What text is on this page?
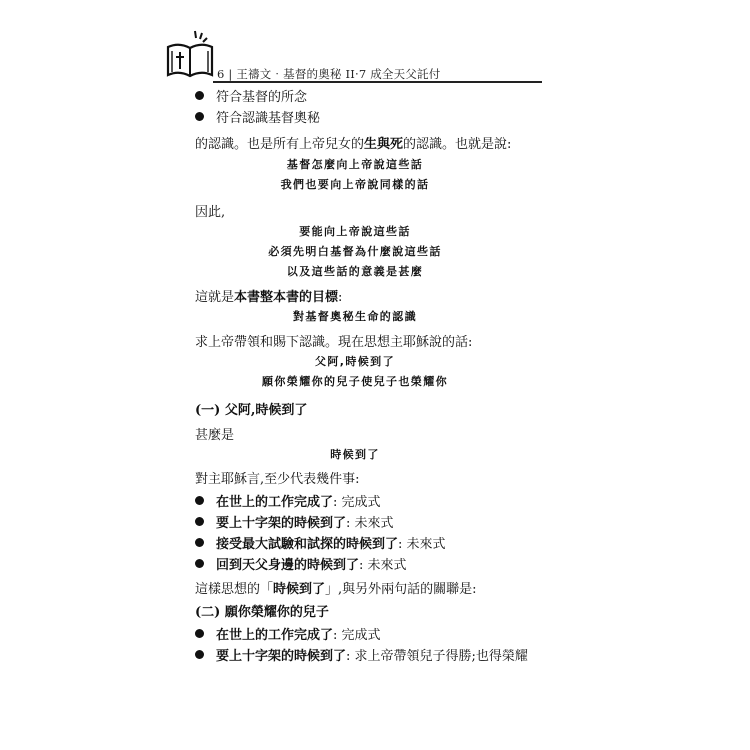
6 | 王禱文‧基督的奧秘 II‧7 成全天父託付
符合基督的所念
符合認識基督奧秘
的認識。也是所有上帝兒女的生與死的認識。也就是說:
基督怎麼向上帝說這些話
我們也要向上帝說同樣的話
因此,
要能向上帝說這些話
必須先明白基督為什麼說這些話
以及這些話的意義是甚麼
這就是本書整本書的目標:
對基督奧秘生命的認識
求上帝帶領和賜下認識。現在思想主耶穌說的話:
父阿,時候到了
願你榮耀你的兒子使兒子也榮耀你
(一) 父阿,時候到了
甚麼是
時候到了
對主耶穌言,至少代表幾件事:
在世上的工作完成了: 完成式
要上十字架的時候到了: 未來式
接受最大試驗和試探的時候到了: 未來式
回到天父身邊的時候到了: 未來式
這樣思想的「時候到了」,與另外兩句話的關聯是:
(二) 願你榮耀你的兒子
在世上的工作完成了: 完成式
要上十字架的時候到了: 求上帝帶領兒子得勝;也得榮耀
